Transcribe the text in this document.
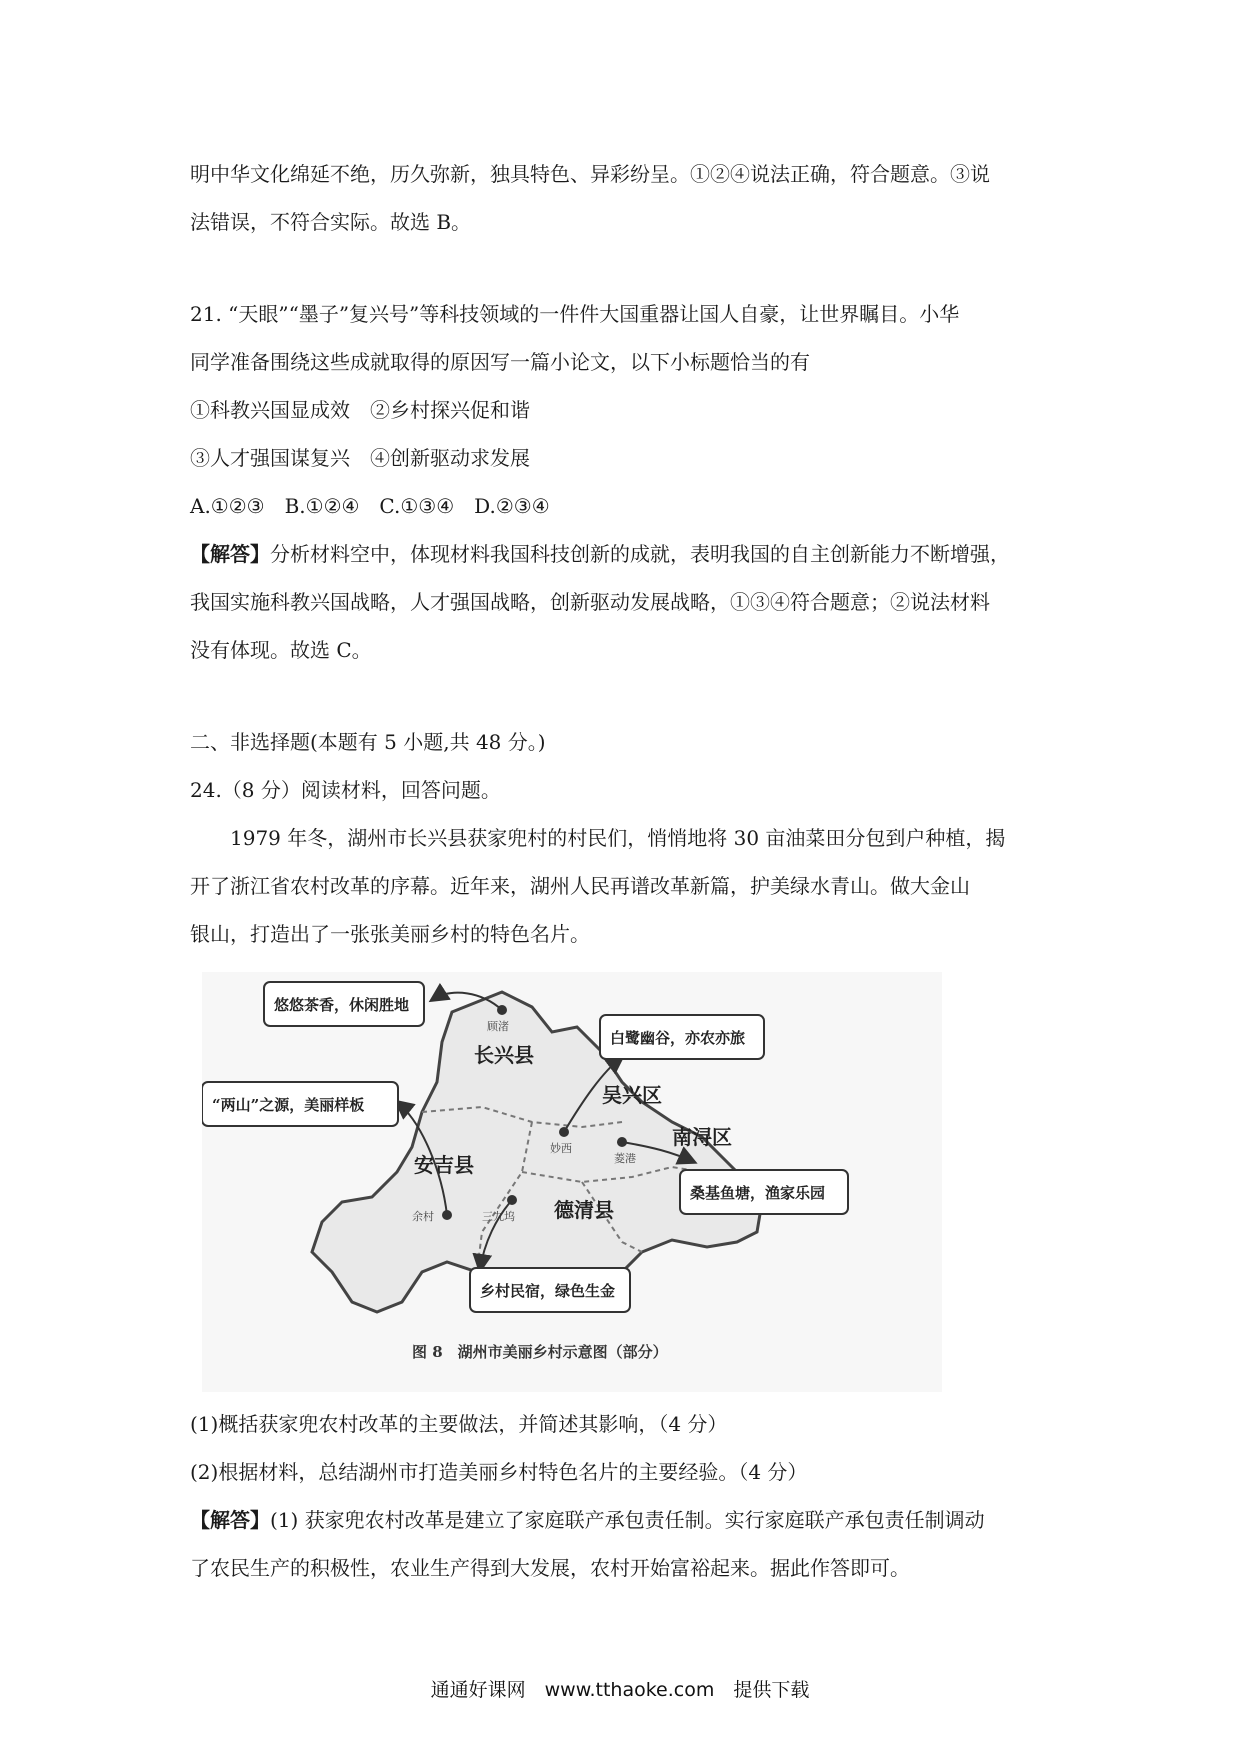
明中华文化绵延不绝，历久弥新，独具特色、异彩纷呈。①②④说法正确，符合题意。③说

法错误，不符合实际。故选 B。

21. “天眼”“墨子”复兴号”等科技领域的一件件大国重器让国人自豪，让世界瞩目。小华

同学准备围绕这些成就取得的原因写一篇小论文，以下小标题恰当的有

①科教兴国显成效　②乡村探兴促和谐

③人才强国谋复兴　④创新驱动求发展

A.①②③　B.①②④　C.①③④　D.②③④

【解答】分析材料空中，体现材料我国科技创新的成就，表明我国的自主创新能力不断增强，

我国实施科教兴国战略，人才强国战略，创新驱动发展战略，①③④符合题意；②说法材料

没有体现。故选 C。

二、非选择题(本题有 5 小题,共 48 分。)

24.（8 分）阅读材料，回答问题。

1979 年冬，湖州市长兴县获家兜村的村民们，悄悄地将 30 亩油菜田分包到户种植，揭

开了浙江省农村改革的序幕。近年来，湖州人民再谱改革新篇，护美绿水青山。做大金山

银山，打造出了一张张美丽乡村的特色名片。

长兴县
吴兴区
南浔区
安吉县
德清县
顾渚
妙西
菱港
余村	三九坞
悠悠茶香，休闲胜地
白鹭幽谷，亦农亦旅
“两山”之源，美丽样板
桑基鱼塘，渔家乐园
乡村民宿，绿色生金
图 8　湖州市美丽乡村示意图（部分）

(1)概括获家兜农村改革的主要做法，并简述其影响，（4 分）

(2)根据材料，总结湖州市打造美丽乡村特色名片的主要经验。（4 分）

【解答】(1) 获家兜农村改革是建立了家庭联产承包责任制。实行家庭联产承包责任制调动

了农民生产的积极性，农业生产得到大发展，农村开始富裕起来。据此作答即可。

通通好课网　www.tthaoke.com　提供下载
